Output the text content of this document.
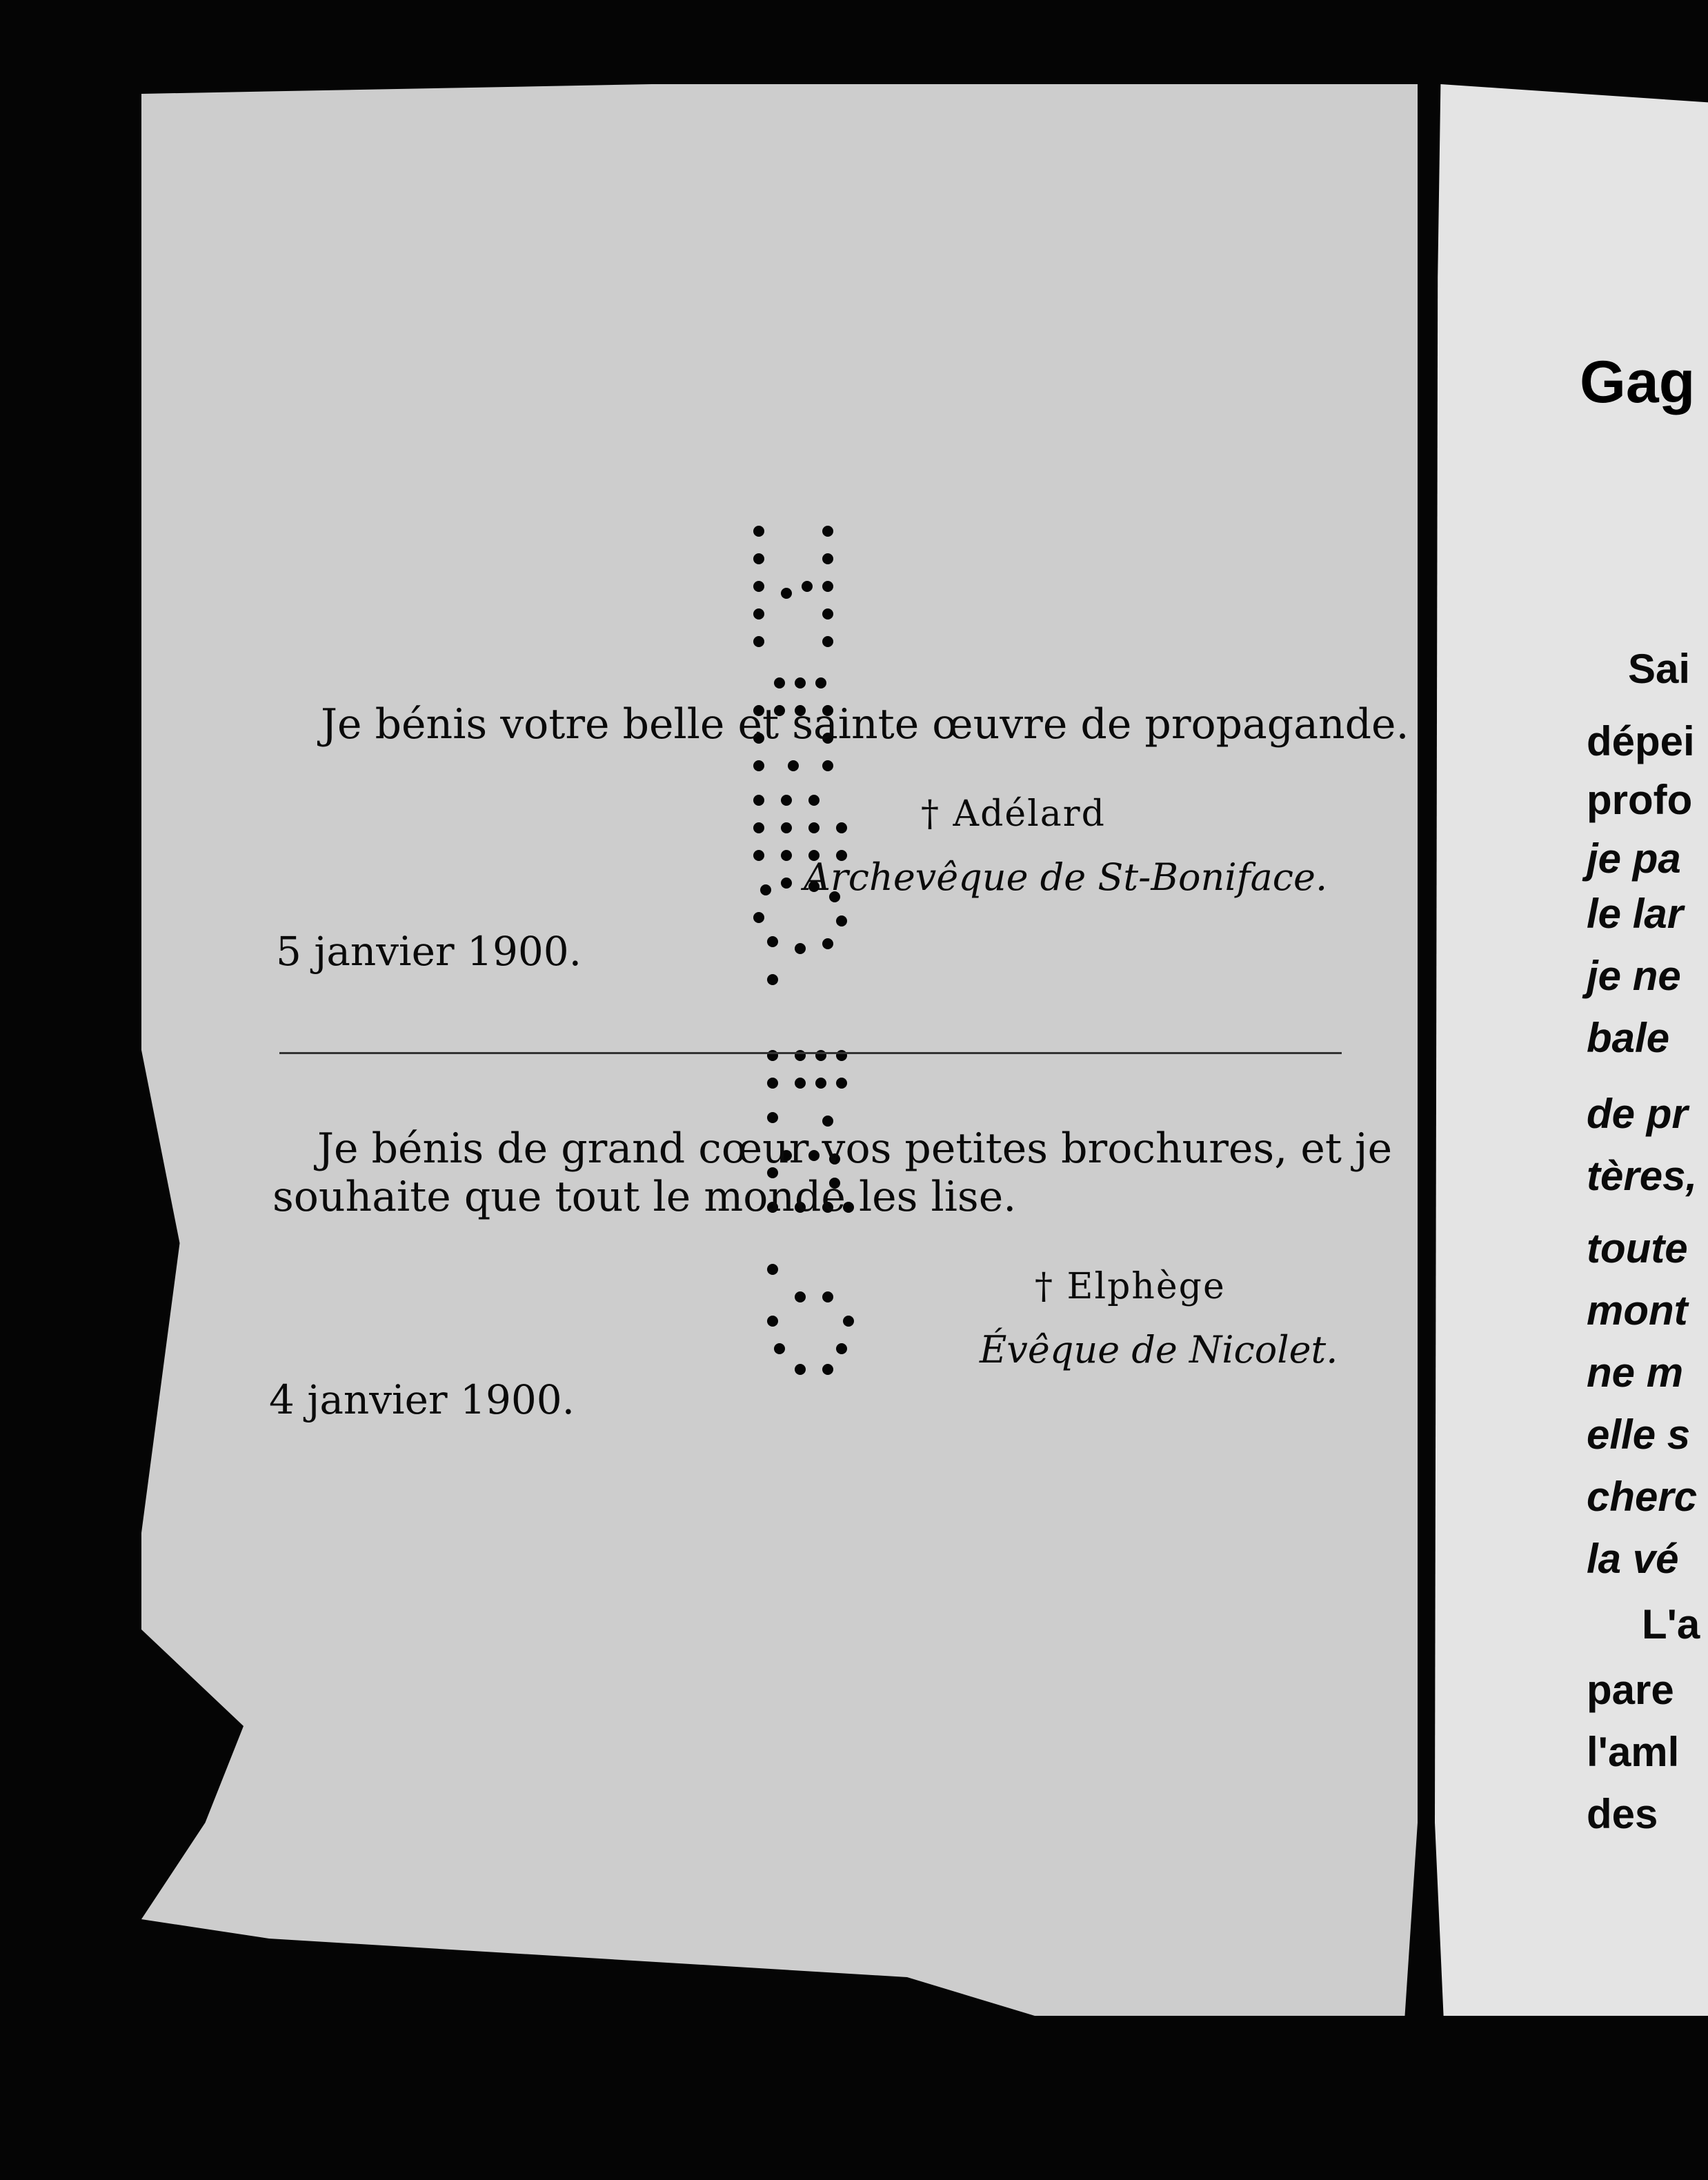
Je bénis votre belle et sainte œuvre de propagande.
† Adélard
Archevêque de St-Boniface.
5 janvier 1900.
Je bénis de grand cœur vos petites brochures, et je
souhaite que tout le monde les lise.
† Elphège
Évêque de Nicolet.
4 janvier 1900.
Gag
Sai
dépei
profo
je pa
le lar
je ne
bale
de pr
tères,
toute
mont
ne m
elle s
cherc
la vé
L'a
pare
l'aml
des
